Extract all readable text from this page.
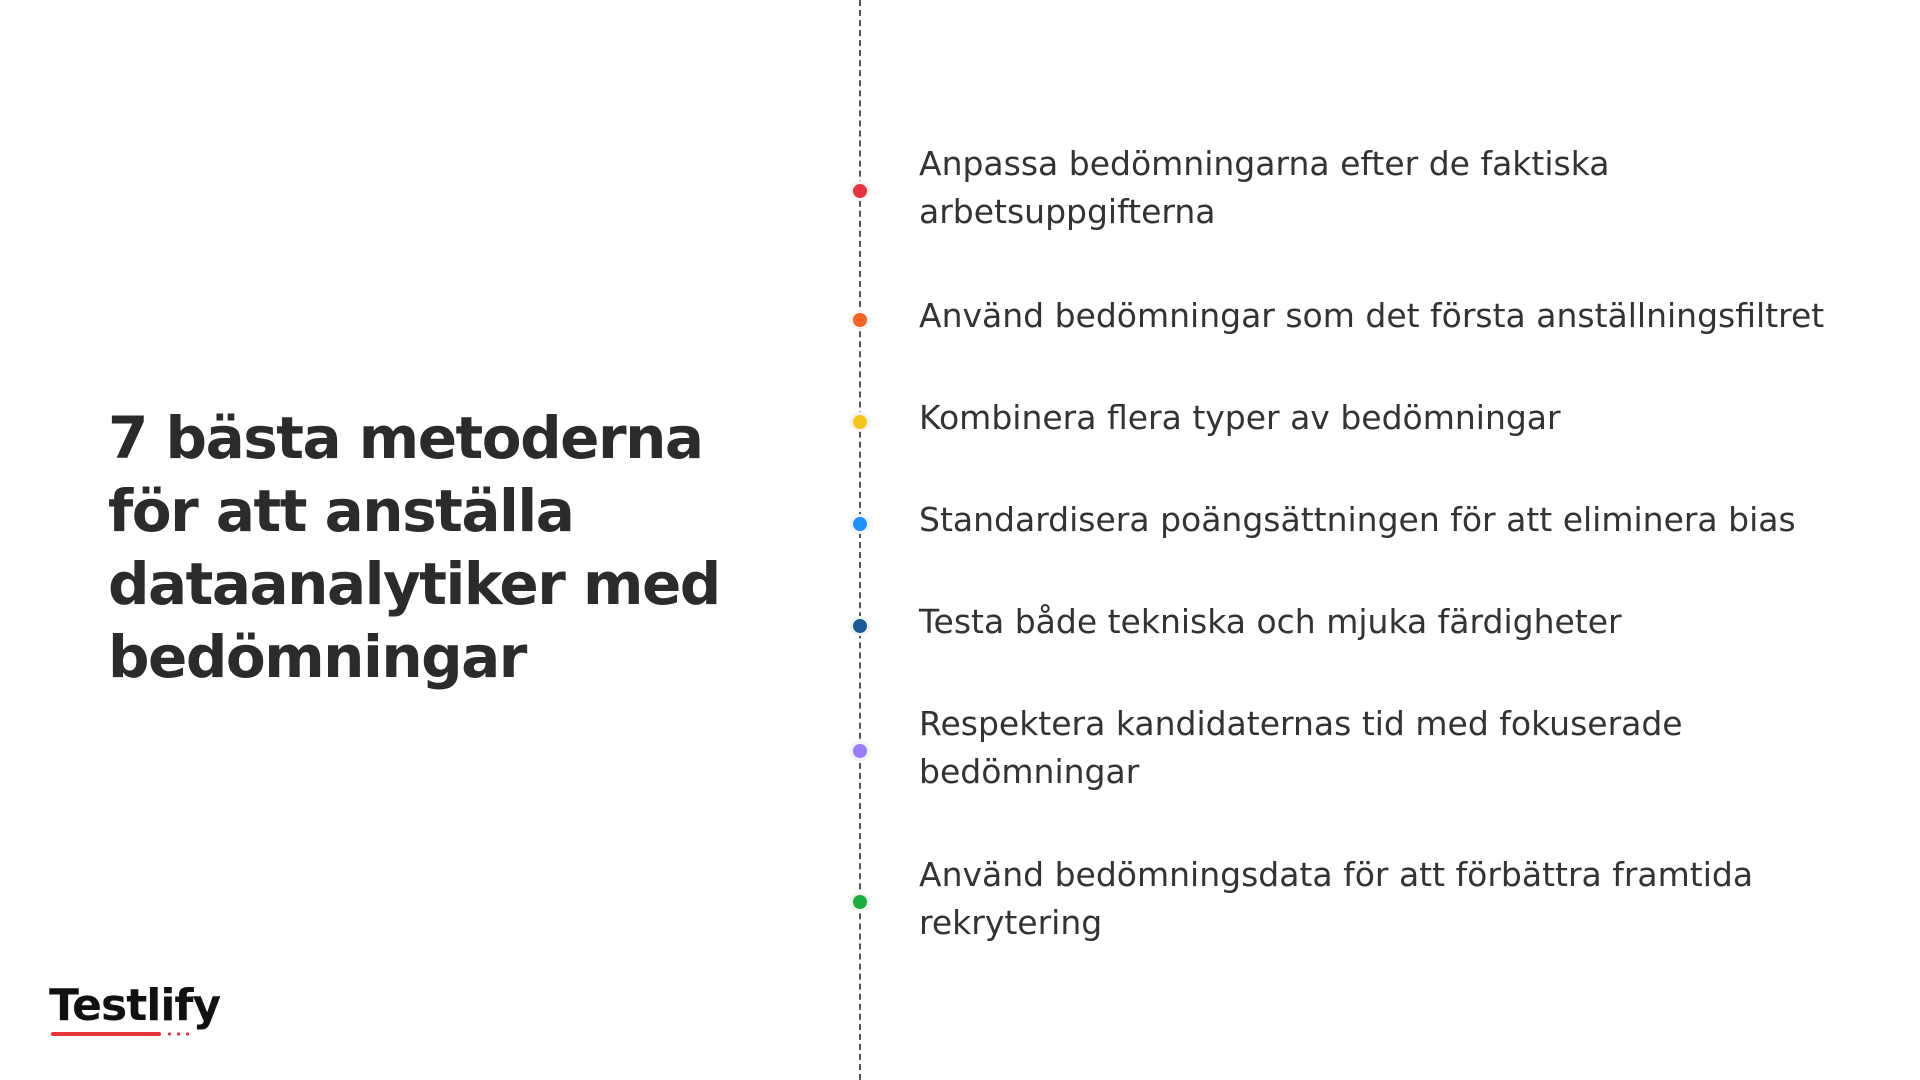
7 bästa metoderna för att anställa dataanalytiker med bedömningar
Anpassa bedömningarna efter de faktiska arbetsuppgifterna
Använd bedömningar som det första anställningsfiltret
Kombinera flera typer av bedömningar
Standardisera poängsättningen för att eliminera bias
Testa både tekniska och mjuka färdigheter
Respektera kandidaternas tid med fokuserade bedömningar
Använd bedömningsdata för att förbättra framtida rekrytering
Testlify
